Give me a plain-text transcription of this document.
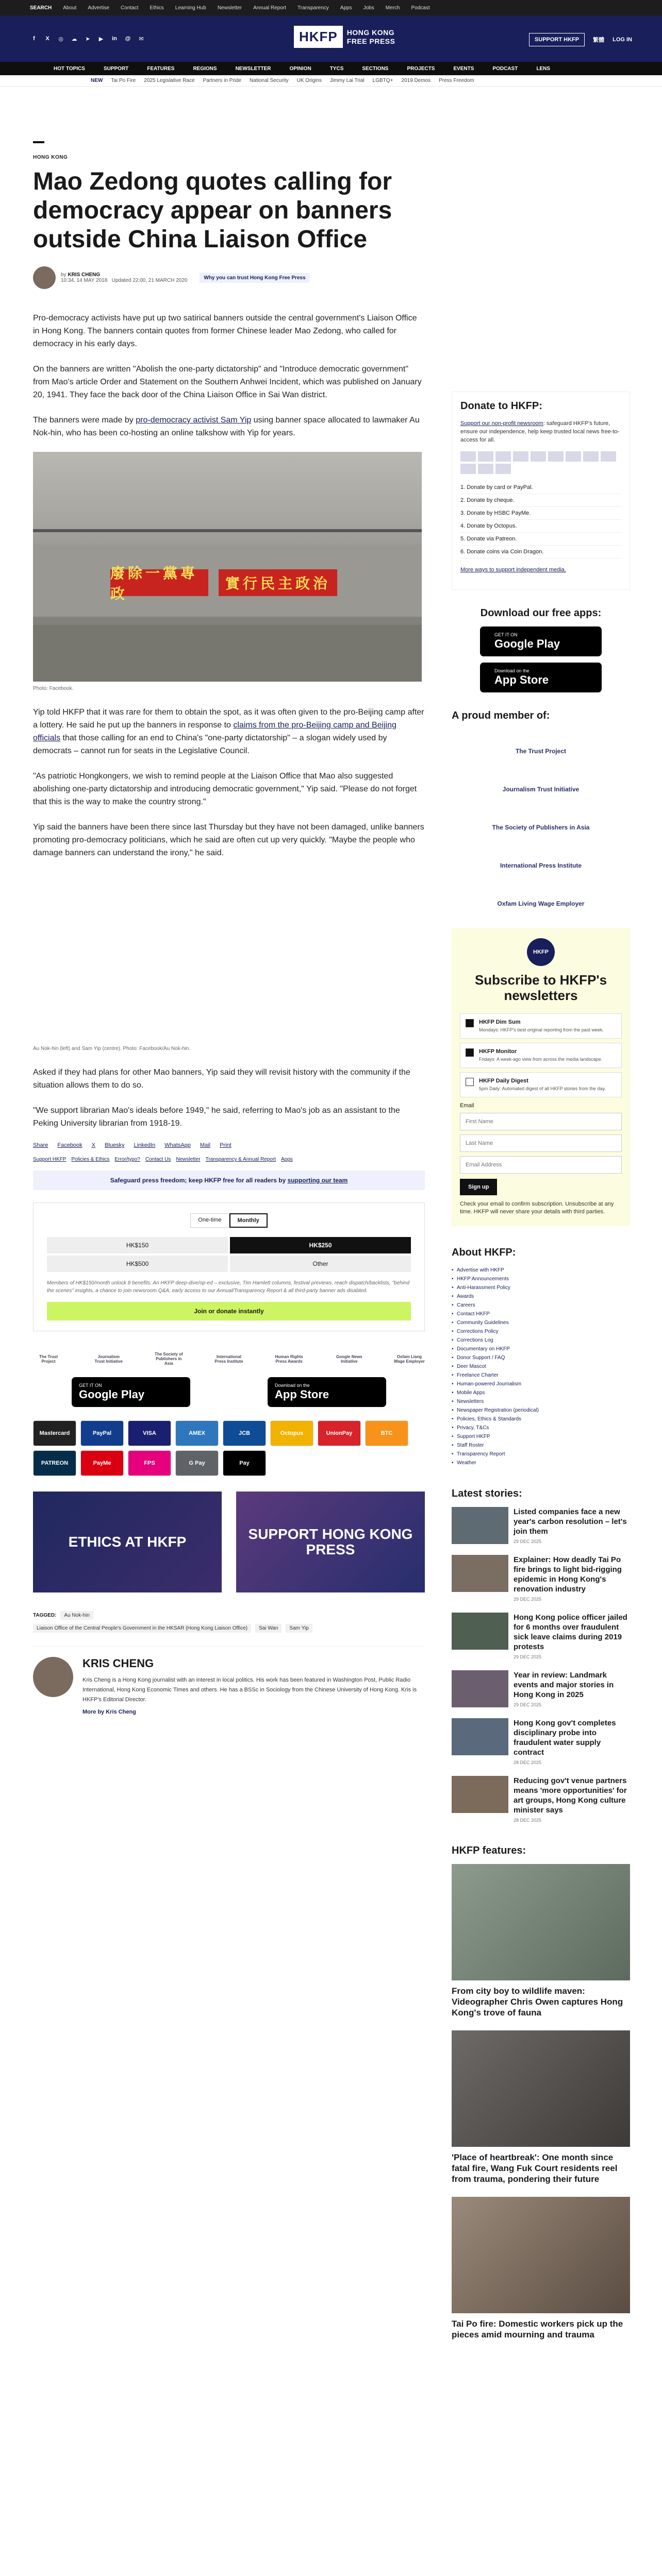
SEARCH About Advertise Contact Ethics Learning Hub Newsletter Annual Report Transparency Apps Jobs Merch Podcast
f	X	◎ ☁	➤	▶	in @	✉	HKFP	HONG KONG
FREE PRESS	SUPPORT HKFP	繁體 LOG IN
HOT TOPICS	SUPPORT	FEATURES	REGIONS	NEWSLETTER	OPINION	TYCS	SECTIONS	PROJECTS	EVENTS	PODCAST	LENS
NEW Tai Po Fire 2025 Legislative Race Partners in Pride National Security UK Origins Jimmy Lai Trial LGBTQ+ 2019 Demos Press Freedom
HONG KONG
Mao Zedong quotes calling for democracy appear on banners outside China Liaison Office
by KRIS CHENG
10:34, 14 MAY 2018 Updated 22:00, 21 MARCH 2020	Why you can trust Hong Kong Free Press

Pro-democracy activists have put up two satirical banners outside the central government's Liaison Office in Hong Kong. The banners contain quotes from former Chinese leader Mao Zedong, who called for democracy in his early days.

On the banners are written "Abolish the one-party dictatorship" and "Introduce democratic government" from Mao's article Order and Statement on the Southern Anhwei Incident, which was published on January 20, 1941. They face the back door of the China Liaison Office in Sai Wan district.

The banners were made by pro-democracy activist Sam Yip using banner space allocated to lawmaker Au Nok-hin, who has been co-hosting an online talkshow with Yip for years.

廢除一黨專政
實行民主政治
Photo: Facebook.

Yip told HKFP that it was rare for them to obtain the spot, as it was often given to the pro-Beijing camp after a lottery. He said he put up the banners in response to claims from the pro-Beijing camp and Beijing officials that those calling for an end to China's "one-party dictatorship" – a slogan widely used by democrats – cannot run for seats in the Legislative Council.

"As patriotic Hongkongers, we wish to remind people at the Liaison Office that Mao also suggested abolishing one-party dictatorship and introducing democratic government," Yip said. "Please do not forget that this is the way to make the country strong."

Yip said the banners have been there since last Thursday but they have not been damaged, unlike banners promoting pro-democracy politicians, which he said are often cut up very quickly. "Maybe the people who damage banners can understand the irony," he said.

Au Nok-hin (left) and Sam Yip (centre). Photo: Facebook/Au Nok-hin.

Asked if they had plans for other Mao banners, Yip said they will revisit history with the community if the situation allows them to do so.

"We support librarian Mao's ideals before 1949," he said, referring to Mao's job as an assistant to the Peking University librarian from 1918-19.

Share Facebook X Bluesky LinkedIn WhatsApp Mail Print
Support HKFP Policies & Ethics Error/typo? Contact Us Newsletter Transparency & Annual Report Apps
Safeguard press freedom; keep HKFP free for all readers by supporting our team
One-time	Monthly
HK$150	HK$250
HK$500	Other
Members of HK$150/month unlock 8 benefits: An HKFP deep-dive/op-ed – exclusive, Tim Hamlett columns, festival previews, reach dispatch/backlists, "behind the scenes" insights, a chance to join newsroom Q&A, early access to our Annual/Transparency Report & all third-party banner ads disabled.
Join or donate instantly
The Trust Project
Journalism Trust Initiative
The Society of Publishers in Asia
International Press Institute
Human Rights Press Awards
Google News Initiative
Oxfam Liang Wage Employer
GET IT ON
Google Play
Download on the
App Store
Mastercard	PayPal	VISA	AMEX	JCB	Octopus	UnionPay	BTC
PATREON	PayMe	FPS	G Pay	Pay
ETHICS AT HKFP	SUPPORT HONG KONG PRESS
TAGGED:	Au Nok-hin
Liaison Office of the Central People's Government in the HKSAR (Hong Kong Liaison Office)	Sai Wan	Sam Yip
KRIS CHENG
Kris Cheng is a Hong Kong journalist with an interest in local politics. His work has been featured in Washington Post, Public Radio International, Hong Kong Economic Times and others. He has a BSSc in Sociology from the Chinese University of Hong Kong. Kris is HKFP's Editorial Director.
More by Kris Cheng
Donate to HKFP:
Support our non-profit newsroom: safeguard HKFP's future, ensure our independence, help keep trusted local news free-to-access for all.
1. Donate by card or PayPal.
2. Donate by cheque.
3. Donate by HSBC PayMe.
4. Donate by Octopus.
5. Donate via Patreon.
6. Donate coins via Coin Dragon.
More ways to support independent media.
Download our free apps:
GET IT ON
Google Play
Download on the
App Store
A proud member of:
The Trust Project
Journalism Trust Initiative
The Society of Publishers in Asia
International Press Institute
Oxfam Living Wage Employer
HKFP
Subscribe to HKFP's newsletters
HKFP Dim Sum
Mondays: HKFP's best original reporting from the past week.
HKFP Monitor
Fridays: A week-ago view from across the media landscape.
HKFP Daily Digest
5pm Daily: Automated digest of all HKFP stories from the day.
Email
First Name Last Name Email Address Sign up
Check your email to confirm subscription. Unsubscribe at any time. HKFP will never share your details with third parties.
About HKFP:
• Advertise with HKFP
• HKFP Announcements
• Anti-Harassment Policy
• Awards
• Careers
• Contact HKFP
• Community Guidelines
• Corrections Policy
• Corrections Log
• Documentary on HKFP
• Donor Support / FAQ
• Deer Mascot
• Freelance Charter
• Human-powered Journalism
• Mobile Apps
• Newsletters
• Newspaper Registration (periodical)
• Policies, Ethics & Standards
• Privacy, T&Cs
• Support HKFP
• Staff Roster
• Transparency Report
• Weather
Latest stories:
Listed companies face a new year's carbon resolution – let's join them
29 DEC 2025
Explainer: How deadly Tai Po fire brings to light bid-rigging epidemic in Hong Kong's renovation industry
29 DEC 2025
Hong Kong police officer jailed for 6 months over fraudulent sick leave claims during 2019 protests
29 DEC 2025
Year in review: Landmark events and major stories in Hong Kong in 2025
29 DEC 2025
Hong Kong gov't completes disciplinary probe into fraudulent water supply contract
28 DEC 2025
Reducing gov't venue partners means 'more opportunities' for art groups, Hong Kong culture minister says
28 DEC 2025
HKFP features:
From city boy to wildlife maven: Videographer Chris Owen captures Hong Kong's trove of fauna
'Place of heartbreak': One month since fatal fire, Wang Fuk Court residents reel from trauma, pondering their future
Tai Po fire: Domestic workers pick up the pieces amid mourning and trauma
